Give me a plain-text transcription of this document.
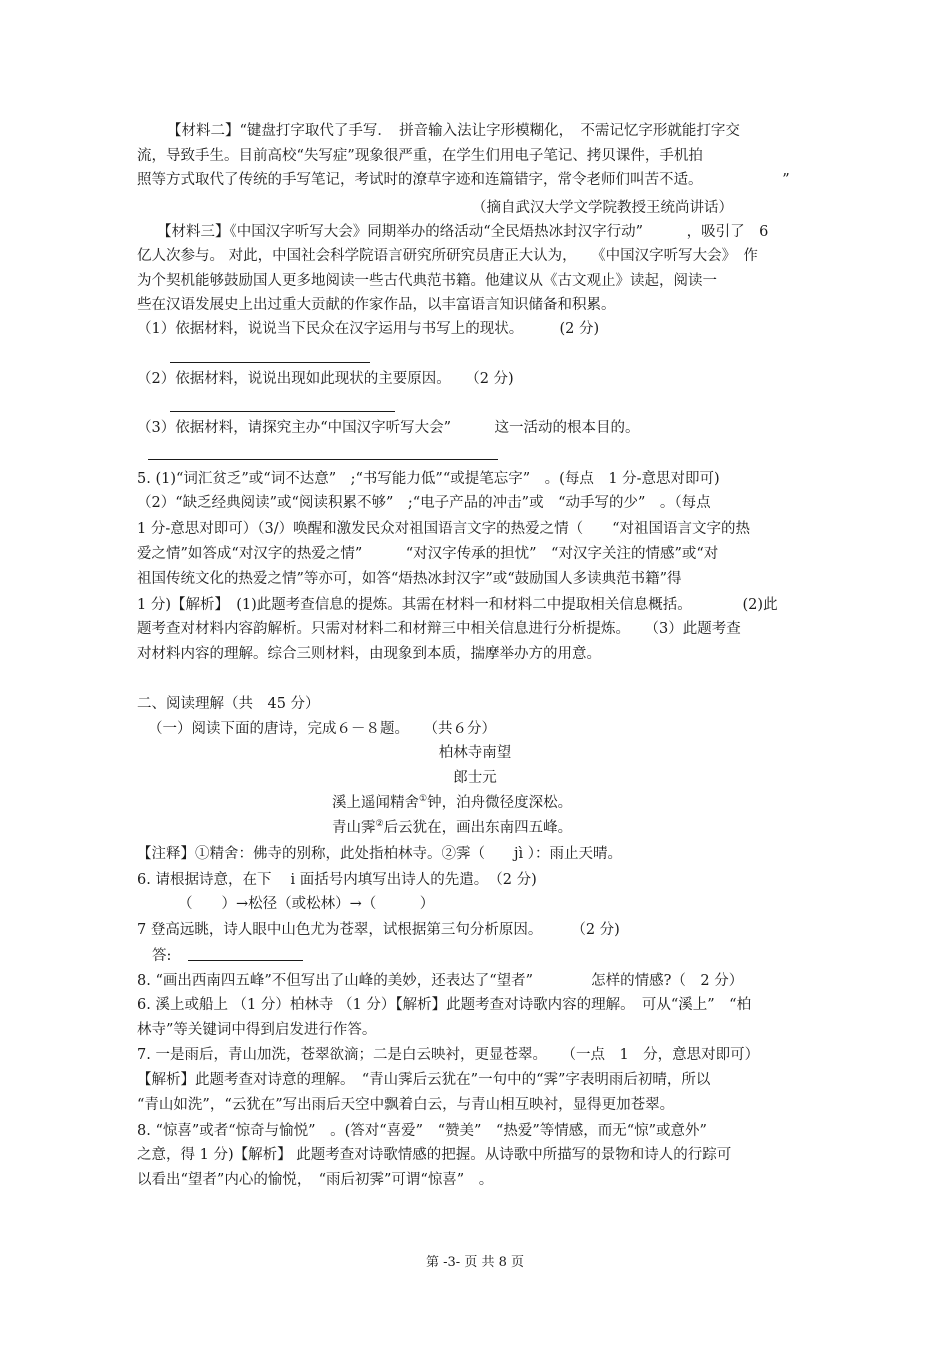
【材料二】“键盘打字取代了手写．　拼音输入法让字形模糊化，　不需记忆字形就能打字交
流，导致手生。目前高校“失写症”现象很严重，在学生们用电子笔记、拷贝课件，手机拍
照等方式取代了传统的手写笔记，考试时的潦草字迹和连篇错字，常令老师们叫苦不适。　　　　　　”
（摘自武汉大学文学院教授王统尚讲话）
【材料三】《中国汉字听写大会》同期举办的络活动“全民焐热冰封汉字行动”　　　，吸引了　6
亿人次参与。 对此，中国社会科学院语言研究所研究员唐正大认为，　　《中国汉字听写大会》　作
为个契机能够鼓励国人更多地阅读一些古代典范书籍。他建议从《古文观止》读起，阅读一
些在汉语发展史上出过重大贡献的作家作品，以丰富语言知识储备和积累。
（1）依据材料，说说当下民众在汉字运用与书写上的现状。　　　(2 分)
（2）依据材料，说说出现如此现状的主要原因。　　（2 分)
（3）依据材料，请探究主办“中国汉字听写大会”　　　这一活动的根本目的。
5. (1)“词汇贫乏”或“词不达意”　;“书写能力低”“或提笔忘字”　。(每点　1 分-意思对即可)
（2）“缺乏经典阅读”或“阅读积累不够”　;“电子产品的冲击”或　“动手写的少”　。（每点
1 分-意思对即可）（3/）唤醒和激发民众对祖国语言文字的热爱之情（　　“对祖国语言文字的热
爱之情”如答成“对汉字的热爱之情”　　　“对汉字传承的担忧”　“对汉字关注的情感”或“对
祖国传统文化的热爱之情”等亦可，如答“焐热冰封汉字”或“鼓励国人多读典范书籍”得
1 分)【解析】　(1)此题考查信息的提炼。其需在材料一和材料二中提取相关信息概括。　　　　(2)此
题考查对材料内容韵解析。只需对材料二和材辩三中相关信息进行分析提炼。　　（3）此题考查
对材料内容的理解。综合三则材料，由现象到本质，揣摩举办方的用意。
二、阅读理解（共　45 分）
（一）阅读下面的唐诗，完成６－８题。　　（共６分）
柏林寺南望
郎士元
溪上遥闻精舍①钟，泊舟微径度深松。
青山霁②后云犹在，画出东南四五峰。
【注释】①精舍：佛寺的别称，此处指柏林寺。②霁（　　jì ）：雨止天晴。
6. 请根据诗意，在下　 i 面括号内填写出诗人的先遣。　（2 分)
（　　）→松径（或松林）→（　　　）
7 登高远眺，诗人眼中山色尤为苍翠，试根据第三句分析原因。　　　（2 分)
答:
8. “画出西南四五峰”不但写出了山峰的美妙，还表达了“望者”　　　　怎样的情感?（　2 分）
6. 溪上或船上 （1 分）柏林寺 （1 分）【解析】此题考查对诗歌内容的理解。　可从“溪上”　“柏
林寺”等关键词中得到启发进行作答。
7. 一是雨后，青山加洗，苍翠欲滴；二是白云映衬，更显苍翠。　　（一点　1　分，意思对即可）
【解析】此题考查对诗意的理解。　“青山霁后云犹在”一句中的“霁”字表明雨后初晴，所以
“青山如洗”，“云犹在”写出雨后天空中飘着白云，与青山相互映衬，显得更加苍翠。
8. “惊喜”或者“惊奇与愉悦”　。(答对“喜爱”　“赞美”　“热爱”等情感，而无“惊”或意外”
之意，得 1 分)【解析】 此题考查对诗歌情感的把握。从诗歌中所描写的景物和诗人的行踪可
以看出“望者”内心的愉悦，　“雨后初霁”可谓“惊喜”　。
第 -3- 页 共 8 页
